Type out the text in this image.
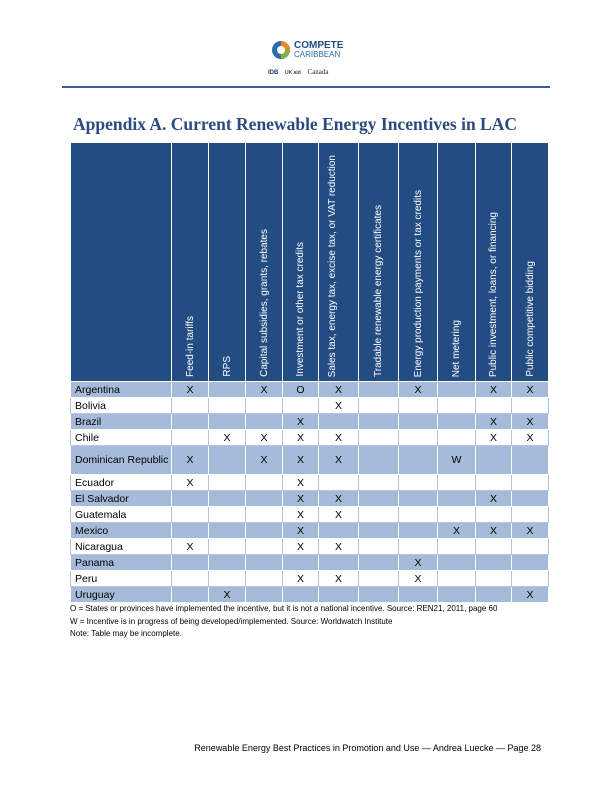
COMPETE
CARIBBEAN
IDB UK aid Canada
Appendix A. Current Renewable Energy Incentives in LAC

	Feed-in tariffs	RPS	Capital subsidies, grants, rebates	Investment or other tax credits	Sales tax, energy tax, excise tax, or VAT reduction	Tradable renewable energy certificates	Energy production payments or tax credits	Net metering	Public investment, loans, or financing	Public competitive bidding

Argentina	X		X	O	X		X		X	X
Bolivia					X					
Brazil				X					X	X
Chile		X	X	X	X				X	X
Dominican Republic	X		X	X	X			W		
Ecuador	X			X						
El Salvador				X	X				X	
Guatemala				X	X					
Mexico				X				X	X	X
Nicaragua	X			X	X					
Panama							X			
Peru				X	X		X			
Uruguay		X								X

O = States or provinces have implemented the incentive, but it is not a national incentive. Source: REN21, 2011, page 60

W = Incentive is in progress of being developed/implemented. Source: Worldwatch Institute

Note: Table may be incomplete.

Renewable Energy Best Practices in Promotion and Use — Andrea Luecke — Page 28
